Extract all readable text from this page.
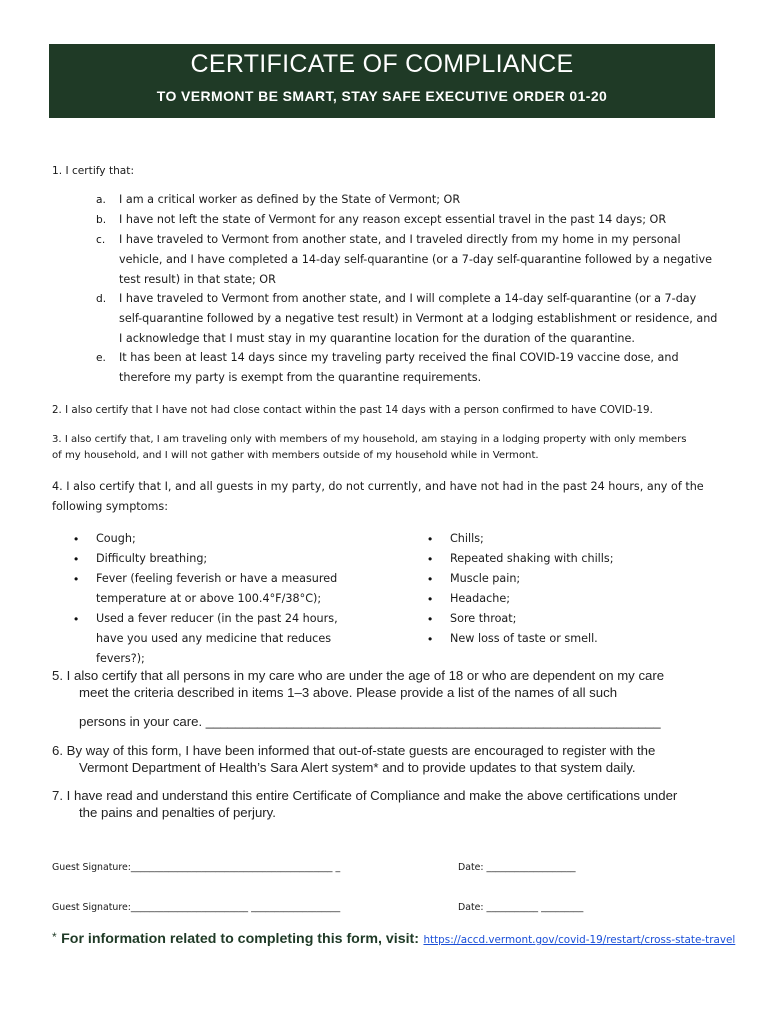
CERTIFICATE OF COMPLIANCE
TO VERMONT BE SMART, STAY SAFE EXECUTIVE ORDER 01-20
1. I certify that:
a.	I am a critical worker as defined by the State of Vermont; OR
b.	I have not left the state of Vermont for any reason except essential travel in the past 14 days; OR
c.	I have traveled to Vermont from another state, and I traveled directly from my home in my personal
vehicle, and I have completed a 14-day self-quarantine (or a 7-day self-quarantine followed by a negative
test result) in that state; OR
d.	I have traveled to Vermont from another state, and I will complete a 14-day self-quarantine (or a 7-day
self-quarantine followed by a negative test result) in Vermont at a lodging establishment or residence, and
I acknowledge that I must stay in my quarantine location for the duration of the quarantine.
e.	It has been at least 14 days since my traveling party received the final COVID-19 vaccine dose, and
therefore my party is exempt from the quarantine requirements.
2. I also certify that I have not had close contact within the past 14 days with a person confirmed to have COVID-19.
3. I also certify that, I am traveling only with members of my household, am staying in a lodging property with only members
of my household, and I will not gather with members outside of my household while in Vermont.
4. I also certify that I, and all guests in my party, do not currently, and have not had in the past 24 hours, any of the
following symptoms:
•
•
•
•
Cough;
Difficulty breathing;
Fever (feeling feverish or have a measured
temperature at or above 100.4°F/38°C);
Used a fever reducer (in the past 24 hours,
have you used any medicine that reduces
fevers?);
•
•
•
•
•
•
Chills;
Repeated shaking with chills;
Muscle pain;
Headache;
Sore throat;
New loss of taste or smell.
5. I also certify that all persons in my care who are under the age of 18 or who are dependent on my care
meet the criteria described in items 1–3 above. Please provide a list of the names of all such
persons in your care. ______________________________________________________________
6. By way of this form, I have been informed that out-of-state guests are encouraged to register with the
Vermont Department of Health’s Sara Alert system* and to provide updates to that system daily.
7. I have read and understand this entire Certificate of Compliance and make the above certifications under
the pains and penalties of perjury.
Guest Signature:___________________________________________ _	Date: ___________________
Guest Signature:_________________________ ___________________	Date: ___________ _________
* For information related to completing this form, visit: https://accd.vermont.gov/covid-19/restart/cross-state-travel
